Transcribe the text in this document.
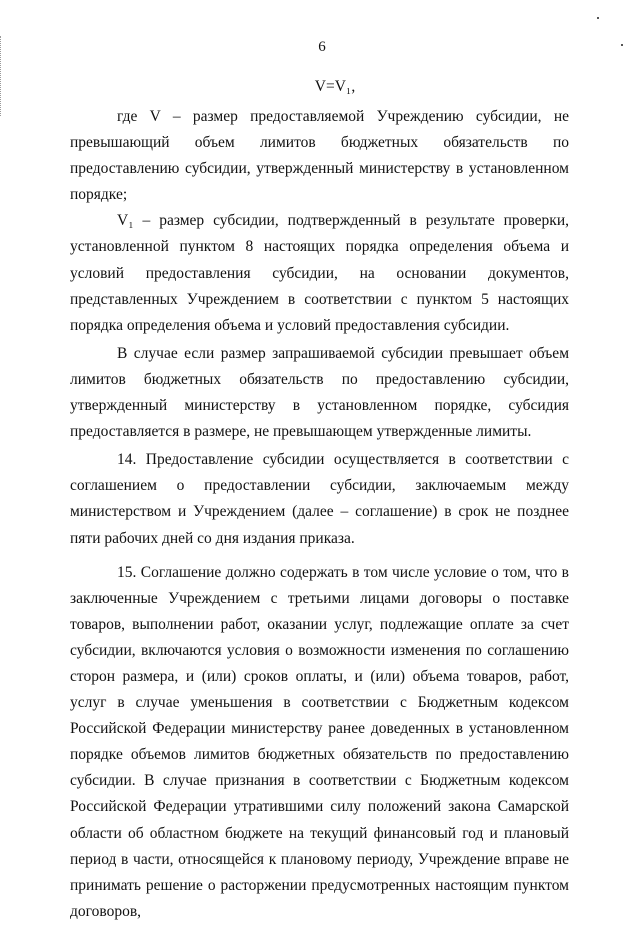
6
V=V₁,

где V – размер предоставляемой Учреждению субсидии, не превышающий объем лимитов бюджетных обязательств по предоставлению субсидии, утвержденный министерству в установленном порядке;

V₁ – размер субсидии, подтвержденный в результате проверки, установленной пунктом 8 настоящих порядка определения объема и условий предоставления субсидии, на основании документов, представленных Учреждением в соответствии с пунктом 5 настоящих порядка определения объема и условий предоставления субсидии.

В случае если размер запрашиваемой субсидии превышает объем лимитов бюджетных обязательств по предоставлению субсидии, утвержденный министерству в установленном порядке, субсидия предоставляется в размере, не превышающем утвержденные лимиты.

14. Предоставление субсидии осуществляется в соответствии с соглашением о предоставлении субсидии, заключаемым между министерством и Учреждением (далее – соглашение) в срок не позднее пяти рабочих дней со дня издания приказа.

15. Соглашение должно содержать в том числе условие о том, что в заключенные Учреждением с третьими лицами договоры о поставке товаров, выполнении работ, оказании услуг, подлежащие оплате за счет субсидии, включаются условия о возможности изменения по соглашению сторон размера, и (или) сроков оплаты, и (или) объема товаров, работ, услуг в случае уменьшения в соответствии с Бюджетным кодексом Российской Федерации министерству ранее доведенных в установленном порядке объемов лимитов бюджетных обязательств по предоставлению субсидии. В случае признания в соответствии с Бюджетным кодексом Российской Федерации утратившими силу положений закона Самарской области об областном бюджете на текущий финансовый год и плановый период в части, относящейся к плановому периоду, Учреждение вправе не принимать решение о расторжении предусмотренных настоящим пунктом договоров,
